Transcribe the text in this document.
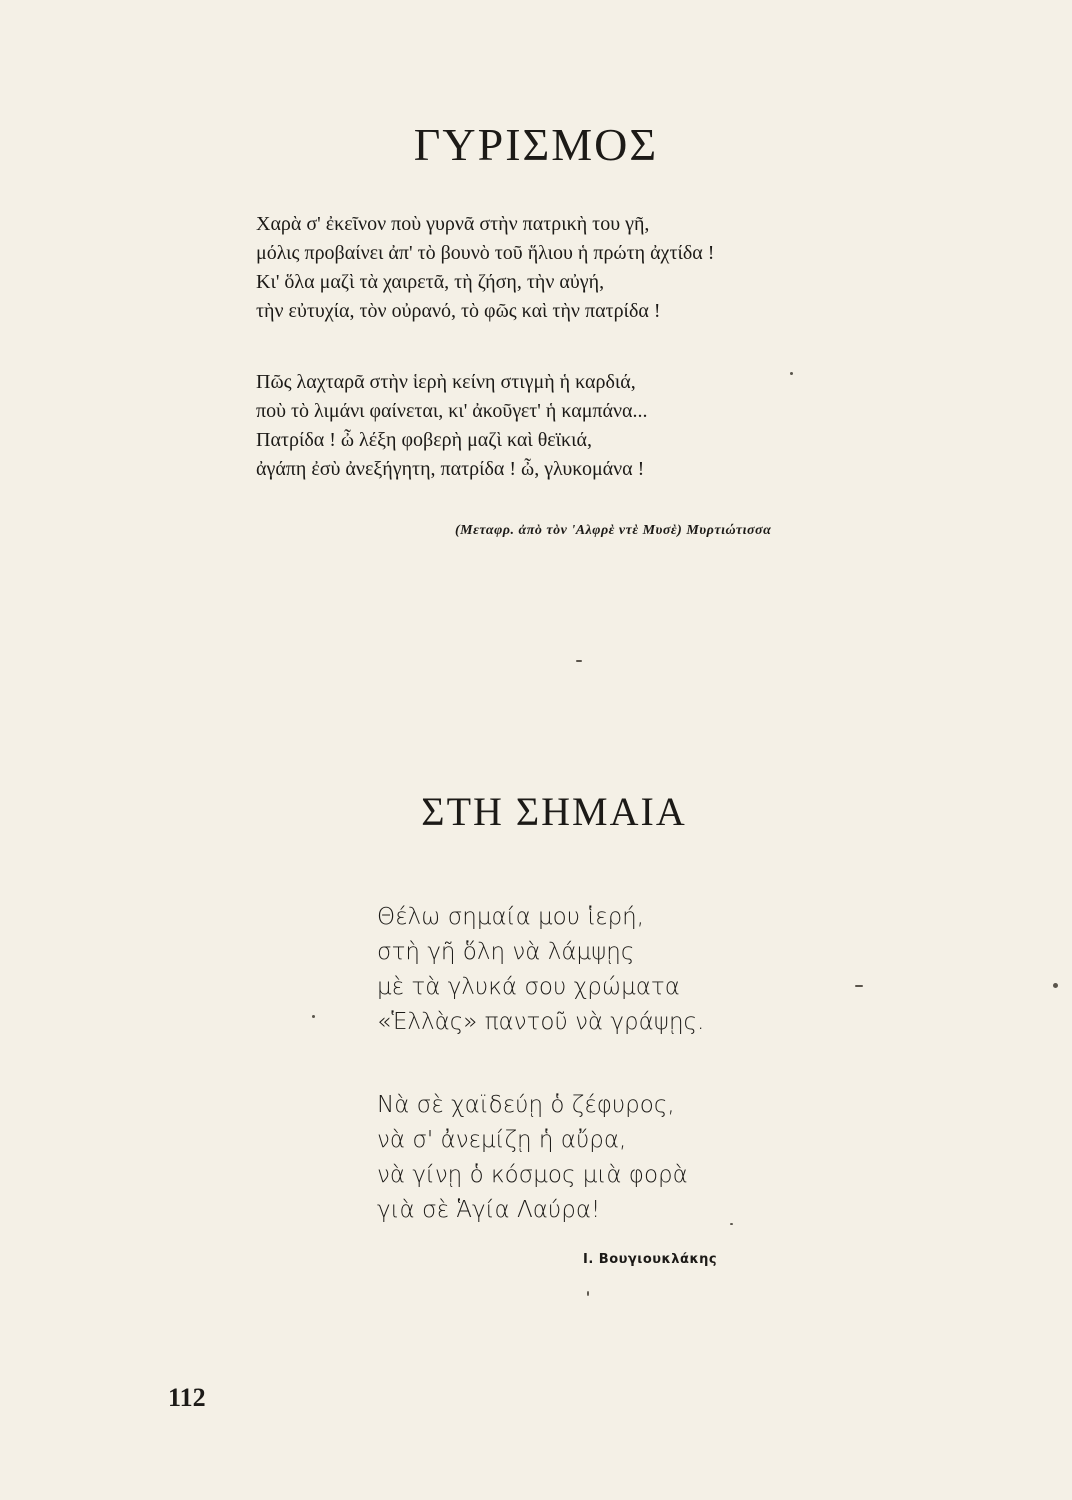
ΓΥΡΙΣΜΟΣ
Χαρὰ σ' ἐκεῖνον ποὺ γυρνᾶ στὴν πατρικὴ του γῆ,
μόλις προβαίνει ἀπ' τὸ βουνὸ τοῦ ἥλιου ἡ πρώτη ἀχτίδα !
Κι' ὅλα μαζὶ τὰ χαιρετᾶ, τὴ ζήση, τὴν αὐγή,
τὴν εὐτυχία, τὸν οὐρανό, τὸ φῶς καὶ τὴν πατρίδα !
Πῶς λαχταρᾶ στὴν ἱερὴ κείνη στιγμὴ ἡ καρδιά,
ποὺ τὸ λιμάνι φαίνεται, κι' ἀκοῦγετ' ἡ καμπάνα...
Πατρίδα ! ὦ λέξη φοβερὴ μαζὶ καὶ θεϊκιά,
ἀγάπη ἐσὺ ἀνεξήγητη, πατρίδα ! ὦ, γλυκομάνα !
(Μεταφρ. ἀπὸ τὸν 'Αλφρὲ ντὲ Μυσὲ) Μυρτιώτισσα
ΣΤΗ ΣΗΜΑΙΑ
Θέλω σημαία μου ἱερή,
στὴ γῆ ὅλη νὰ λάμψῃς
μὲ τὰ γλυκά σου χρώματα
«Ἑλλὰς» παντοῦ νὰ γράψῃς.
Νὰ σὲ χαϊδεύῃ ὁ ζέφυρος,
νὰ σ' ἀνεμίζῃ ἡ αὔρα,
νὰ γίνῃ ὁ κόσμος μιὰ φορὰ
γιὰ σὲ Ἁγία Λαύρα!
Ι. Βουγιουκλάκης
112
